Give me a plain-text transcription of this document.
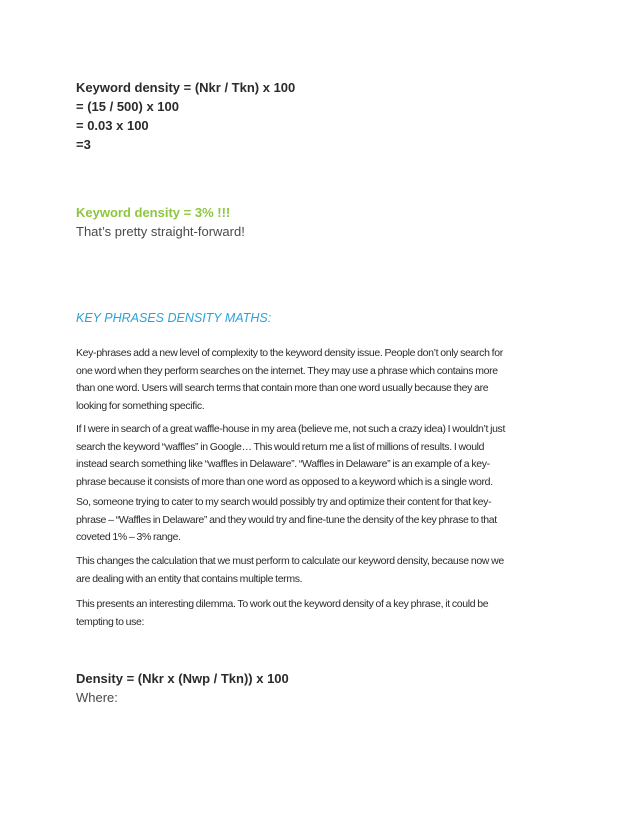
Keyword density = (Nkr / Tkn) x 100
= (15 / 500) x 100
= 0.03 x 100
=3
Keyword density = 3% !!!
That’s pretty straight-forward!
KEY PHRASES DENSITY MATHS:
Key-phrases add a new level of complexity to the keyword density issue. People don’t only search for
one word when they perform searches on the internet. They may use a phrase which contains more
than one word. Users will search terms that contain more than one word usually because they are
looking for something specific.
If I were in search of a great waffle-house in my area (believe me, not such a crazy idea) I wouldn’t just
search the keyword “waffles” in Google… This would return me a list of millions of results. I would
instead search something like “waffles in Delaware”. “Waffles in Delaware” is an example of a key-
phrase because it consists of more than one word as opposed to a keyword which is a single word.
So, someone trying to cater to my search would possibly try and optimize their content for that key-
phrase – “Waffles in Delaware” and they would try and fine-tune the density of the key phrase to that
coveted 1% – 3% range.
This changes the calculation that we must perform to calculate our keyword density, because now we
are dealing with an entity that contains multiple terms.
This presents an interesting dilemma. To work out the keyword density of a key phrase, it could be
tempting to use:
Density = (Nkr x (Nwp / Tkn)) x 100
Where:
